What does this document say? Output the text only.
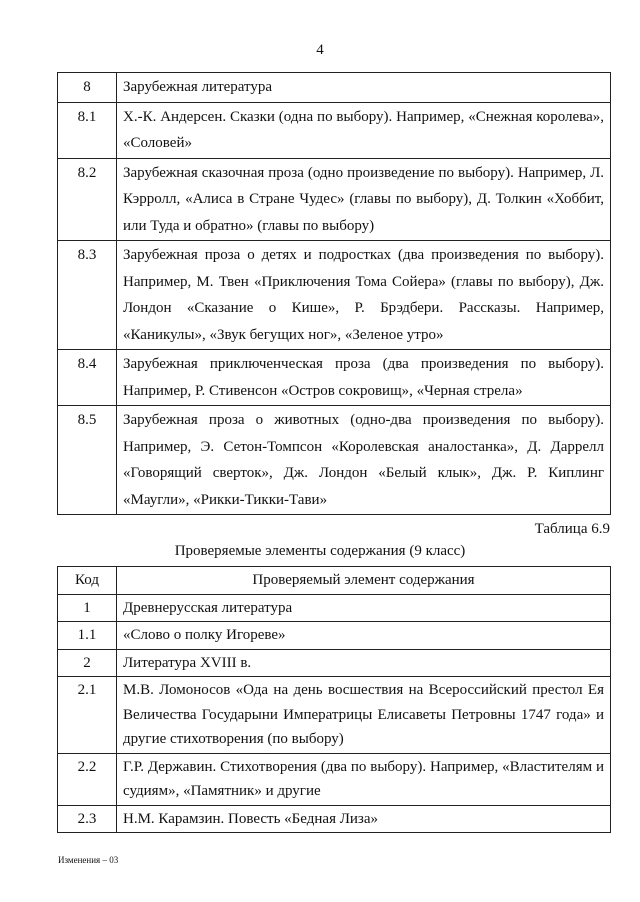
4
8	Зарубежная литература
8.1	Х.-К. Андерсен. Сказки (одна по выбору). Например, «Снежная королева», «Соловей»
8.2	Зарубежная сказочная проза (одно произведение по выбору). Например, Л. Кэрролл, «Алиса в Стране Чудес» (главы по выбору), Д. Толкин «Хоббит, или Туда и обратно» (главы по выбору)
8.3	Зарубежная проза о детях и подростках (два произведения по выбору). Например, М. Твен «Приключения Тома Сойера» (главы по выбору), Дж. Лондон «Сказание о Кише», Р. Брэдбери. Рассказы. Например, «Каникулы», «Звук бегущих ног», «Зеленое утро»
8.4	Зарубежная приключенческая проза (два произведения по выбору). Например, Р. Стивенсон «Остров сокровищ», «Черная стрела»
8.5	Зарубежная проза о животных (одно-два произведения по выбору). Например, Э. Сетон-Томпсон «Королевская аналостанка», Д. Даррелл «Говорящий сверток», Дж. Лондон «Белый клык», Дж. Р. Киплинг «Маугли», «Рикки-Тикки-Тави»
Таблица 6.9
Проверяемые элементы содержания (9 класс)
Код	Проверяемый элемент содержания
1	Древнерусская литература
1.1	«Слово о полку Игореве»
2	Литература XVIII в.
2.1	М.В. Ломоносов «Ода на день восшествия на Всероссийский престол Ея Величества Государыни Императрицы Елисаветы Петровны 1747 года» и другие стихотворения (по выбору)
2.2	Г.Р. Державин. Стихотворения (два по выбору). Например, «Властителям и судиям», «Памятник» и другие
2.3	Н.М. Карамзин. Повесть «Бедная Лиза»
Изменения – 03
